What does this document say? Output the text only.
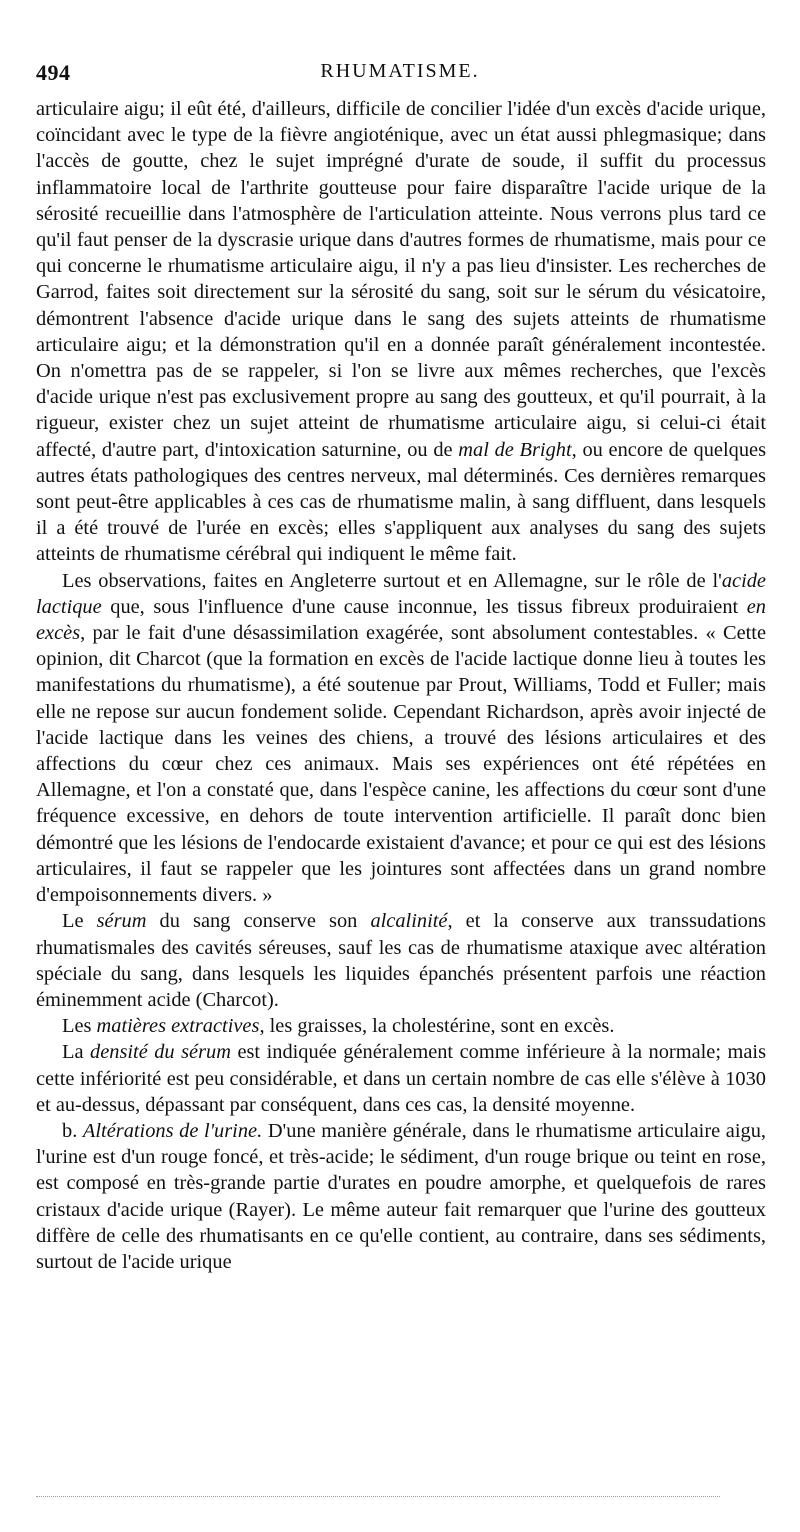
494	RHUMATISME.

articulaire aigu; il eût été, d'ailleurs, difficile de concilier l'idée d'un excès d'acide urique, coïncidant avec le type de la fièvre angioténique, avec un état aussi phlegmasique; dans l'accès de goutte, chez le sujet imprégné d'urate de soude, il suffit du processus inflammatoire local de l'arthrite goutteuse pour faire disparaître l'acide urique de la sérosité recueillie dans l'atmosphère de l'articulation atteinte. Nous verrons plus tard ce qu'il faut penser de la dyscrasie urique dans d'autres formes de rhumatisme, mais pour ce qui concerne le rhumatisme articulaire aigu, il n'y a pas lieu d'insister. Les recherches de Garrod, faites soit directement sur la sérosité du sang, soit sur le sérum du vésicatoire, démontrent l'absence d'acide urique dans le sang des sujets atteints de rhumatisme articulaire aigu; et la démonstration qu'il en a donnée paraît généralement incontestée. On n'omettra pas de se rappeler, si l'on se livre aux mêmes recherches, que l'excès d'acide urique n'est pas exclusivement propre au sang des goutteux, et qu'il pourrait, à la rigueur, exister chez un sujet atteint de rhumatisme articulaire aigu, si celui-ci était affecté, d'autre part, d'intoxication saturnine, ou de mal de Bright, ou encore de quelques autres états pathologiques des centres nerveux, mal déterminés. Ces dernières remarques sont peut-être applicables à ces cas de rhumatisme malin, à sang diffluent, dans lesquels il a été trouvé de l'urée en excès; elles s'appliquent aux analyses du sang des sujets atteints de rhumatisme cérébral qui indiquent le même fait.

Les observations, faites en Angleterre surtout et en Allemagne, sur le rôle de l'acide lactique que, sous l'influence d'une cause inconnue, les tissus fibreux produiraient en excès, par le fait d'une désassimilation exagérée, sont absolument contestables. « Cette opinion, dit Charcot (que la formation en excès de l'acide lactique donne lieu à toutes les manifestations du rhumatisme), a été soutenue par Prout, Williams, Todd et Fuller; mais elle ne repose sur aucun fondement solide. Cependant Richardson, après avoir injecté de l'acide lactique dans les veines des chiens, a trouvé des lésions articulaires et des affections du cœur chez ces animaux. Mais ses expériences ont été répétées en Allemagne, et l'on a constaté que, dans l'espèce canine, les affections du cœur sont d'une fréquence excessive, en dehors de toute intervention artificielle. Il paraît donc bien démontré que les lésions de l'endocarde existaient d'avance; et pour ce qui est des lésions articulaires, il faut se rappeler que les jointures sont affectées dans un grand nombre d'empoisonnements divers. »

Le sérum du sang conserve son alcalinité, et la conserve aux transsudations rhumatismales des cavités séreuses, sauf les cas de rhumatisme ataxique avec altération spéciale du sang, dans lesquels les liquides épanchés présentent parfois une réaction éminemment acide (Charcot).

Les matières extractives, les graisses, la cholestérine, sont en excès.

La densité du sérum est indiquée généralement comme inférieure à la normale; mais cette infériorité est peu considérable, et dans un certain nombre de cas elle s'élève à 1030 et au-dessus, dépassant par conséquent, dans ces cas, la densité moyenne.

b. Altérations de l'urine. D'une manière générale, dans le rhumatisme articulaire aigu, l'urine est d'un rouge foncé, et très-acide; le sédiment, d'un rouge brique ou teint en rose, est composé en très-grande partie d'urates en poudre amorphe, et quelquefois de rares cristaux d'acide urique (Rayer). Le même auteur fait remarquer que l'urine des goutteux diffère de celle des rhumatisants en ce qu'elle contient, au contraire, dans ses sédiments, surtout de l'acide urique
